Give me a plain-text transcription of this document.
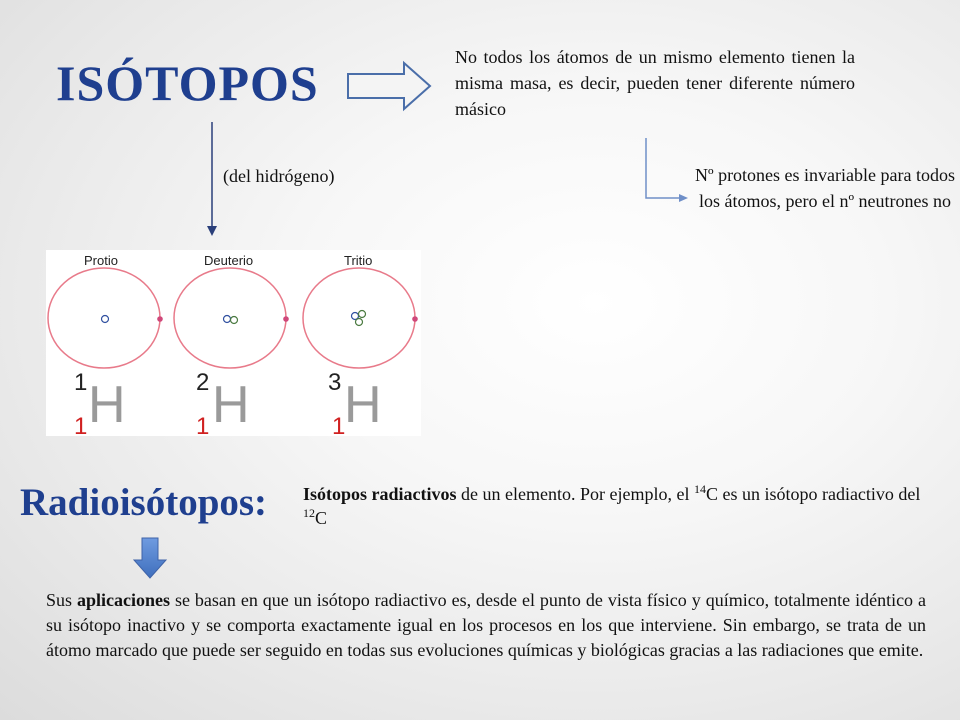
ISÓTOPOS	No todos los átomos de un mismo elemento tienen la misma masa, es decir, pueden tener diferente número másico
Nº protones es invariable para todos los átomos, pero el nº neutrones no
(del hidrógeno)
Protio
1 H
1
Deuterio
2 H
1
Tritio
3 H
1
Radioisótopos: Isótopos radiactivos de un elemento. Por ejemplo, el $^{14}$C es un isótopo radiactivo del $^{12}$C
Sus aplicaciones se basan en que un isótopo radiactivo es, desde el punto de vista físico y químico, totalmente idéntico a su isótopo inactivo y se comporta exactamente igual en los procesos en los que interviene. Sin embargo, se trata de un átomo marcado que puede ser seguido en todas sus evoluciones químicas y biológicas gracias a las radiaciones que emite.
